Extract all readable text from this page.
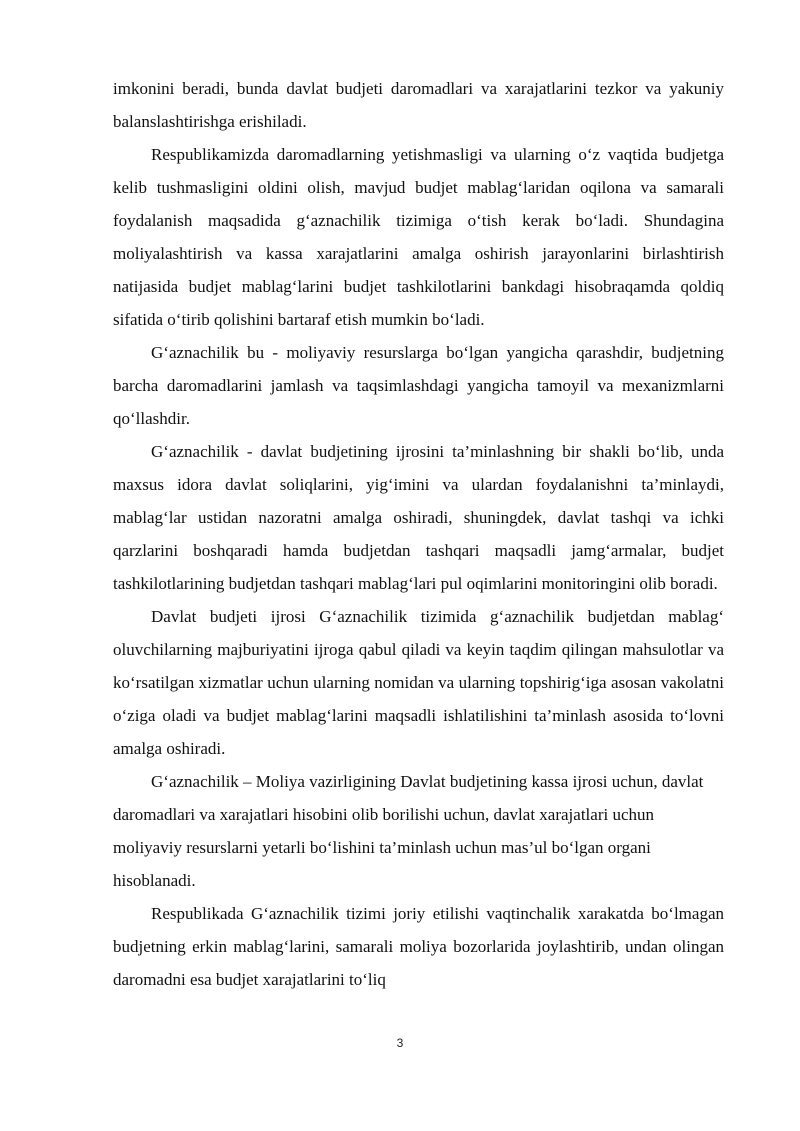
imkonini beradi, bunda davlat budjeti daromadlari va xarajatlarini tezkor va yakuniy balanslashtirishga erishiladi.

Respublikamizda daromadlarning yetishmasligi va ularning o‘z vaqtida budjetga kelib tushmasligini oldini olish, mavjud budjet mablag‘laridan oqilona va samarali foydalanish maqsadida g‘aznachilik tizimiga o‘tish kerak bo‘ladi. Shundagina moliyalashtirish va kassa xarajatlarini amalga oshirish jarayonlarini birlashtirish natijasida budjet mablag‘larini budjet tashkilotlarini bankdagi hisobraqamda qoldiq sifatida o‘tirib qolishini bartaraf etish mumkin bo‘ladi.

G‘aznachilik bu - moliyaviy resurslarga bo‘lgan yangicha qarashdir, budjetning barcha daromadlarini jamlash va taqsimlashdagi yangicha tamoyil va mexanizmlarni qo‘llashdir.

G‘aznachilik - davlat budjetining ijrosini ta’minlashning bir shakli bo‘lib, unda maxsus idora davlat soliqlarini, yig‘imini va ulardan foydalanishni ta’minlaydi, mablag‘lar ustidan nazoratni amalga oshiradi, shuningdek, davlat tashqi va ichki qarzlarini boshqaradi hamda budjetdan tashqari maqsadli jamg‘armalar, budjet tashkilotlarining budjetdan tashqari mablag‘lari pul oqimlarini monitoringini olib boradi.

Davlat budjeti ijrosi G‘aznachilik tizimida g‘aznachilik budjetdan mablag‘ oluvchilarning majburiyatini ijroga qabul qiladi va keyin taqdim qilingan mahsulotlar va ko‘rsatilgan xizmatlar uchun ularning nomidan va ularning topshirig‘iga asosan vakolatni o‘ziga oladi va budjet mablag‘larini maqsadli ishlatilishini ta’minlash asosida to‘lovni amalga oshiradi.

G‘aznachilik – Moliya vazirligining Davlat budjetining kassa ijrosi uchun, davlat daromadlari va xarajatlari hisobini olib borilishi uchun, davlat xarajatlari uchun moliyaviy resurslarni yetarli bo‘lishini ta’minlash uchun mas’ul bo‘lgan organi hisoblanadi.

Respublikada G‘aznachilik tizimi joriy etilishi vaqtinchalik xarakatda bo‘lmagan budjetning erkin mablag‘larini, samarali moliya bozorlarida joylashtirib, undan olingan daromadni esa budjet xarajatlarini to‘liq

3
